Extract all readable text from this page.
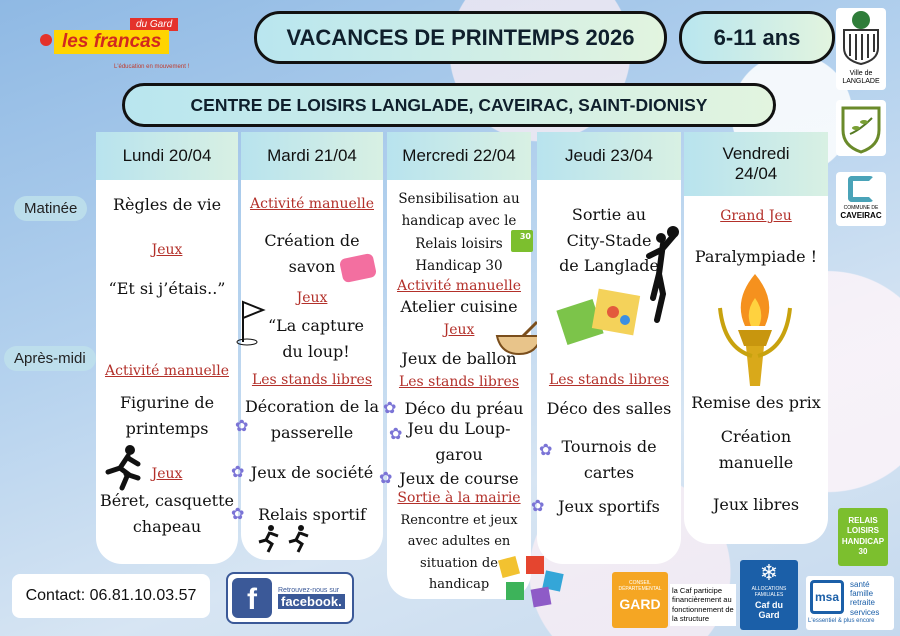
du Gard
les francas
L'éducation en mouvement !
VACANCES DE PRINTEMPS 2026	6-11 ans
CENTRE DE LOISIRS LANGLADE, CAVEIRAC, SAINT-DIONISY
Ville de
LANGLADE
COMMUNE DE
CAVEIRAC
Matinée
Après-midi
Lundi 20/04
Règles de vie
Jeux
“Et si j’étais..”
Activité manuelle
Figurine de printemps
Jeux
Béret, casquette chapeau
Mardi 21/04
Activité manuelle
Création de savon
Jeux
“La capture du loup!
Les stands libres
Décoration de la passerelle
✿
✿ Jeux de société
✿ Relais sportif
Mercredi 22/04
Sensibilisation au handicap avec le Relais loisirs Handicap 30
30
Activité manuelle
Atelier cuisine
Jeux
Jeux de ballon
Les stands libres
✿ Déco du préau
✿ Jeu du Loup-garou
✿ Jeux de course
Sortie à la mairie
Rencontre et jeux avec adultes en situation de handicap
Jeudi 23/04
Sortie au City-Stade de Langlade
Les stands libres
Déco des salles
✿ Tournois de cartes
✿ Jeux sportifs
Vendredi 24/04
Grand Jeu
Paralympiade !
Remise des prix
Création manuelle
Jeux libres
RELAIS LOISIRS HANDICAP 30
Contact: 06.81.10.03.57	f	Retrouvez-nous sur
facebook.
CONSEIL DÉPARTEMENTAL
GARD
la Caf participe financièrement au fonctionnement de la structure
❄
ALLOCATIONS FAMILIALES
Caf du Gard
msa
santé famille retraite services
L'essentiel & plus encore
